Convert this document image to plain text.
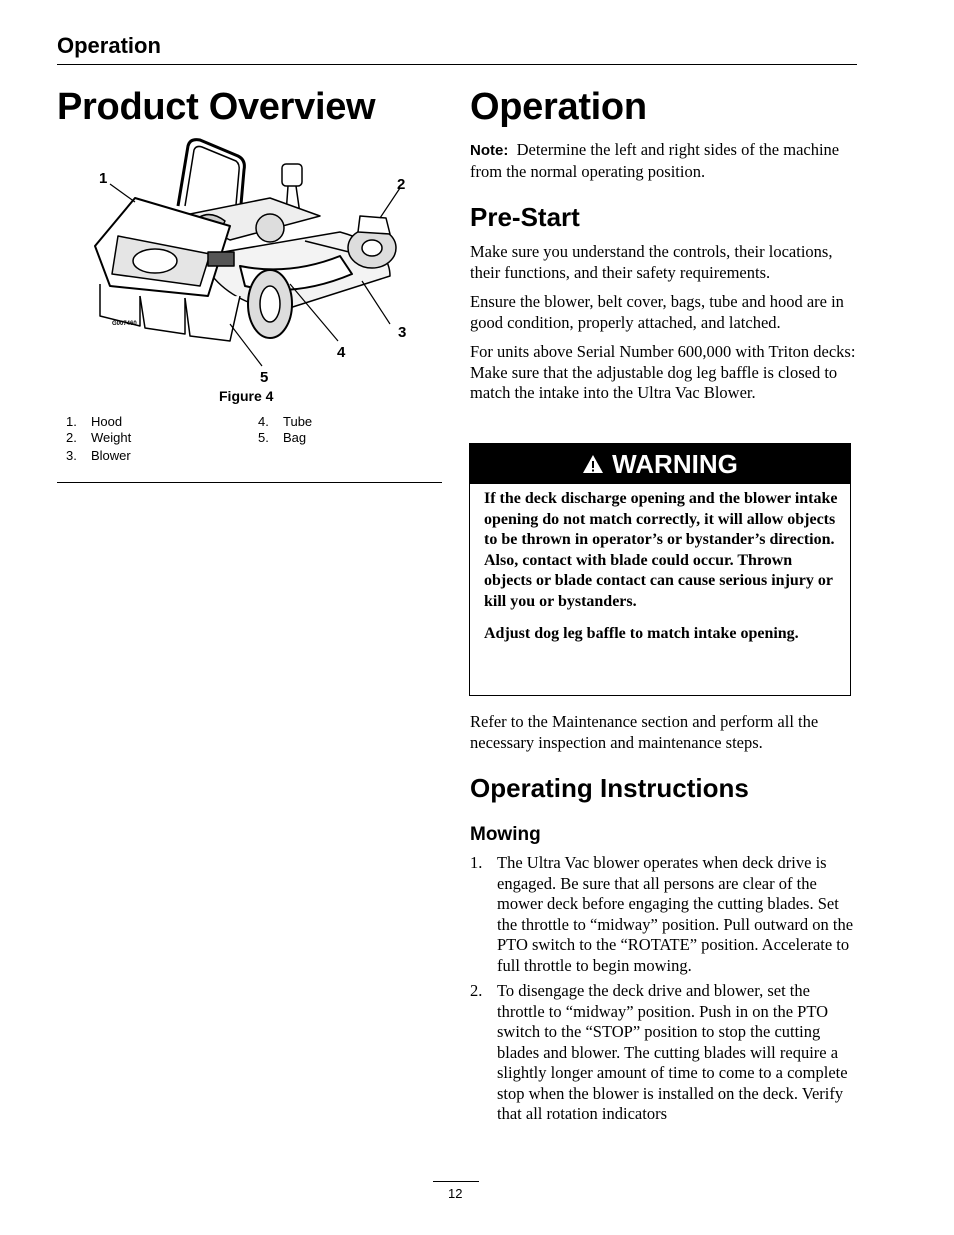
Operation
Product Overview
G007460
1	2
3
4
5
Figure 4
1. Hood
2. Weight
3. Blower
4. Tube
5. Bag
Operation

Note: Determine the left and right sides of the machine from the normal operating position.

Pre-Start

Make sure you understand the controls, their locations, their functions, and their safety requirements.

Ensure the blower, belt cover, bags, tube and hood are in good condition, properly attached, and latched.

For units above Serial Number 600,000 with Triton decks: Make sure that the adjustable dog leg baffle is closed to match the intake into the Ultra Vac Blower.

WARNING

If the deck discharge opening and the blower intake opening do not match correctly, it will allow objects to be thrown in operator’s or bystander’s direction. Also, contact with blade could occur. Thrown objects or blade contact can cause serious injury or kill you or bystanders.

Adjust dog leg baffle to match intake opening.

Refer to the Maintenance section and perform all the necessary inspection and maintenance steps.

Operating Instructions
Mowing
1. The Ultra Vac blower operates when deck drive is engaged. Be sure that all persons are clear of the mower deck before engaging the cutting blades. Set the throttle to “midway” position. Pull outward on the PTO switch to the “ROTATE” position. Accelerate to full throttle to begin mowing.
2. To disengage the deck drive and blower, set the throttle to “midway” position. Push in on the PTO switch to the “STOP” position to stop the cutting blades and blower. The cutting blades will require a slightly longer amount of time to come to a complete stop when the blower is installed on the deck. Verify that all rotation indicators
12
